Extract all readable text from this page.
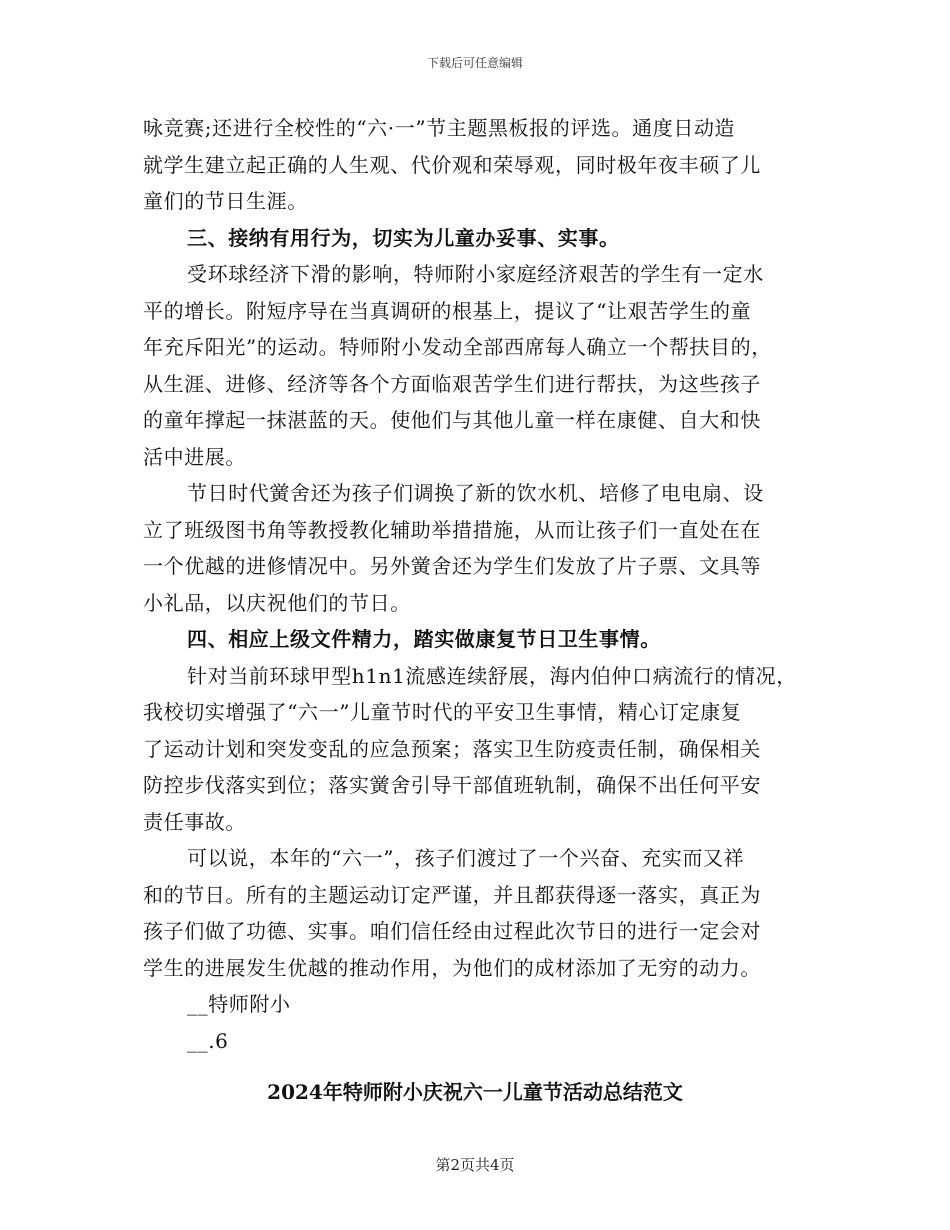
下载后可任意编辑
咏竞赛;还进行全校性的“六·一”节主题黑板报的评选。通度日动造
就学生建立起正确的人生观、代价观和荣辱观，同时极年夜丰硕了儿
童们的节日生涯。
三、接纳有用行为，切实为儿童办妥事、实事。
受环球经济下滑的影响，特师附小家庭经济艰苦的学生有一定水
平的增长。附短序导在当真调研的根基上，提议了“让艰苦学生的童
年充斥阳光”的运动。特师附小发动全部西席每人确立一个帮扶目的，
从生涯、进修、经济等各个方面临艰苦学生们进行帮扶，为这些孩子
的童年撑起一抹湛蓝的天。使他们与其他儿童一样在康健、自大和快
活中进展。
节日时代黉舍还为孩子们调换了新的饮水机、培修了电电扇、设
立了班级图书角等教授教化辅助举措措施，从而让孩子们一直处在在
一个优越的进修情况中。另外黉舍还为学生们发放了片子票、文具等
小礼品，以庆祝他们的节日。
四、相应上级文件精力，踏实做康复节日卫生事情。
针对当前环球甲型h1n1流感连续舒展，海内伯仲口病流行的情况，
我校切实增强了“六一”儿童节时代的平安卫生事情，精心订定康复
了运动计划和突发变乱的应急预案；落实卫生防疫责任制，确保相关
防控步伐落实到位；落实黉舍引导干部值班轨制，确保不出任何平安
责任事故。
可以说，本年的“六一”，孩子们渡过了一个兴奋、充实而又祥
和的节日。所有的主题运动订定严谨，并且都获得逐一落实，真正为
孩子们做了功德、实事。咱们信任经由过程此次节日的进行一定会对
学生的进展发生优越的推动作用，为他们的成材添加了无穷的动力。
__特师附小
__.6
2024年特师附小庆祝六一儿童节活动总结范文
第2页共4页
